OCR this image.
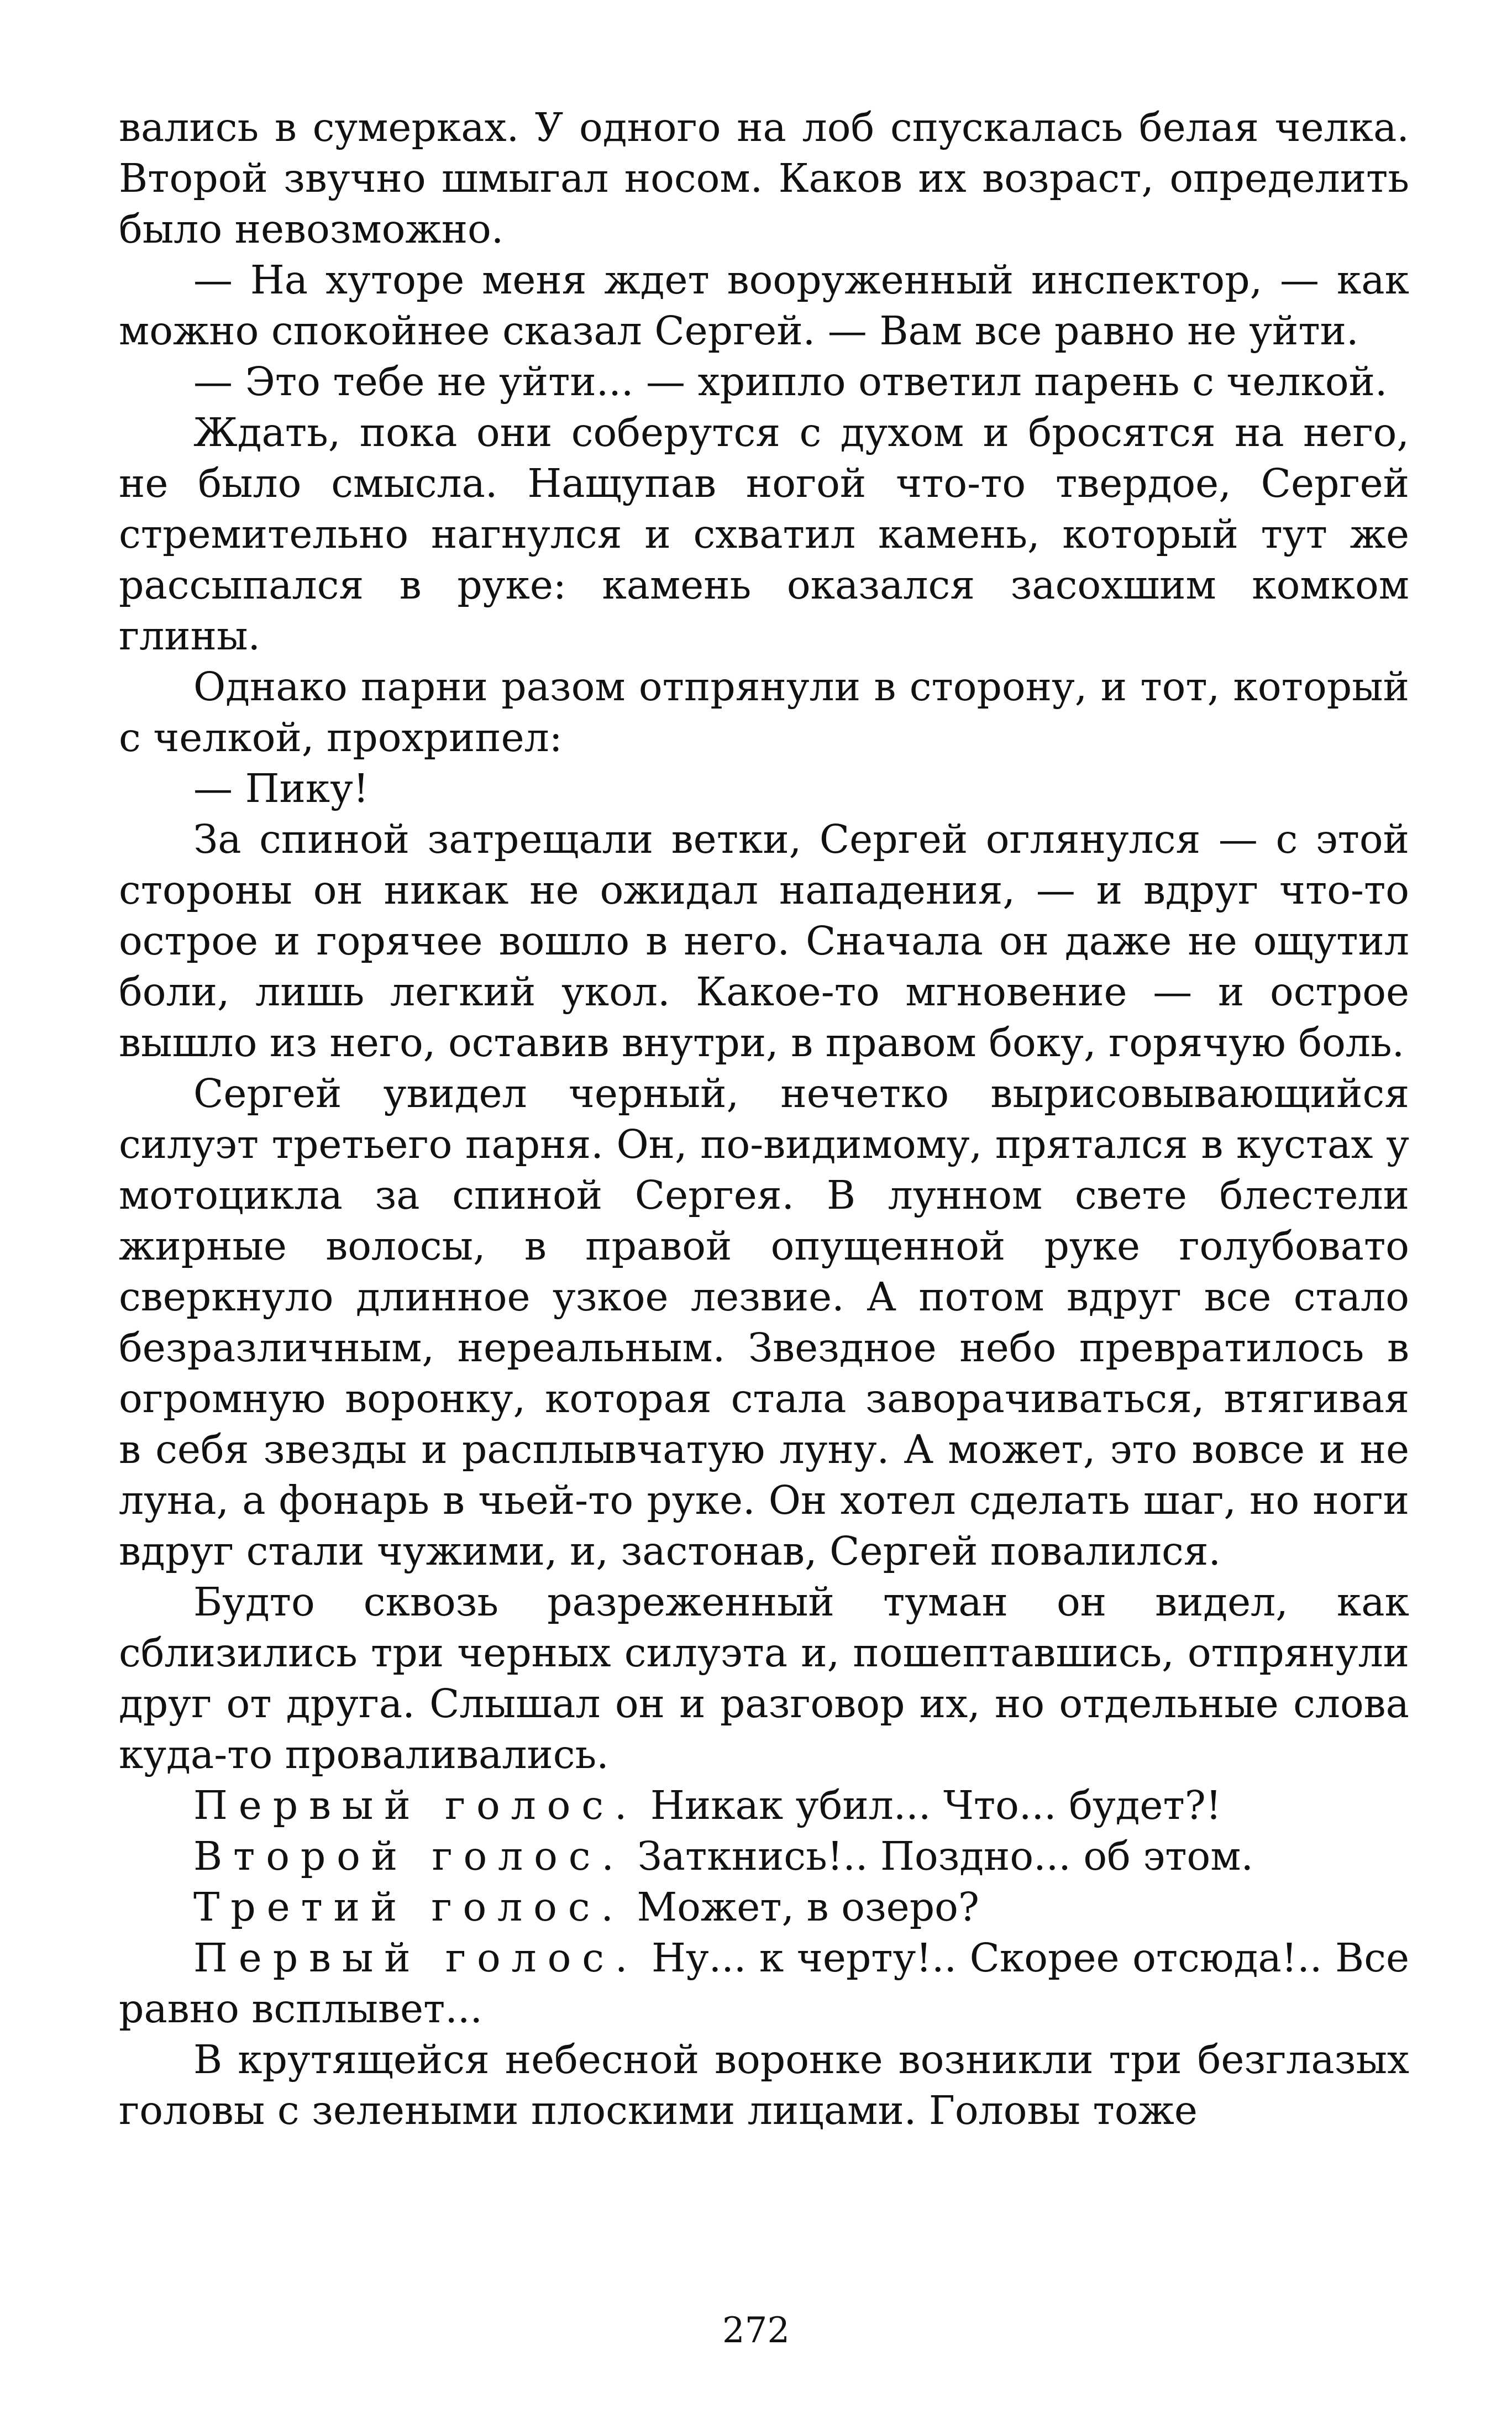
вались в сумерках. У одного на лоб спускалась белая челка. Второй звучно шмыгал носом. Каков их возраст, определить было невозможно.

— На хуторе меня ждет вооруженный инспектор, — как можно спокойнее сказал Сергей. — Вам все равно не уйти.

— Это тебе не уйти... — хрипло ответил парень с челкой.

Ждать, пока они соберутся с духом и бросятся на него, не было смысла. Нащупав ногой что-то твердое, Сергей стремительно нагнулся и схватил камень, который тут же рассыпался в руке: камень оказался засохшим комком глины.

Однако парни разом отпрянули в сторону, и тот, который с челкой, прохрипел:

— Пику!

За спиной затрещали ветки, Сергей оглянулся — с этой стороны он никак не ожидал нападения, — и вдруг что-то острое и горячее вошло в него. Сначала он даже не ощутил боли, лишь легкий укол. Какое-то мгновение — и острое вышло из него, оставив внутри, в правом боку, горячую боль.

Сергей увидел черный, нечетко вырисовывающийся силуэт третьего парня. Он, по-видимому, прятался в кустах у мотоцикла за спиной Сергея. В лунном свете блестели жирные волосы, в правой опущенной руке голубовато сверкнуло длинное узкое лезвие. А потом вдруг все стало безразличным, нереальным. Звездное небо превратилось в огромную воронку, которая стала заворачиваться, втягивая в себя звезды и расплывчатую луну. А может, это вовсе и не луна, а фонарь в чьей-то руке. Он хотел сделать шаг, но ноги вдруг стали чужими, и, застонав, Сергей повалился.

Будто сквозь разреженный туман он видел, как сблизились три черных силуэта и, пошептавшись, отпрянули друг от друга. Слышал он и разговор их, но отдельные слова куда-то проваливались.

Первый голос. Никак убил... Что... будет?!

Второй голос. Заткнись!.. Поздно... об этом.

Третий голос. Может, в озеро?

Первый голос. Ну... к черту!.. Скорее отсюда!.. Все равно всплывет...

В крутящейся небесной воронке возникли три безглазых головы с зелеными плоскими лицами. Головы тоже

272
